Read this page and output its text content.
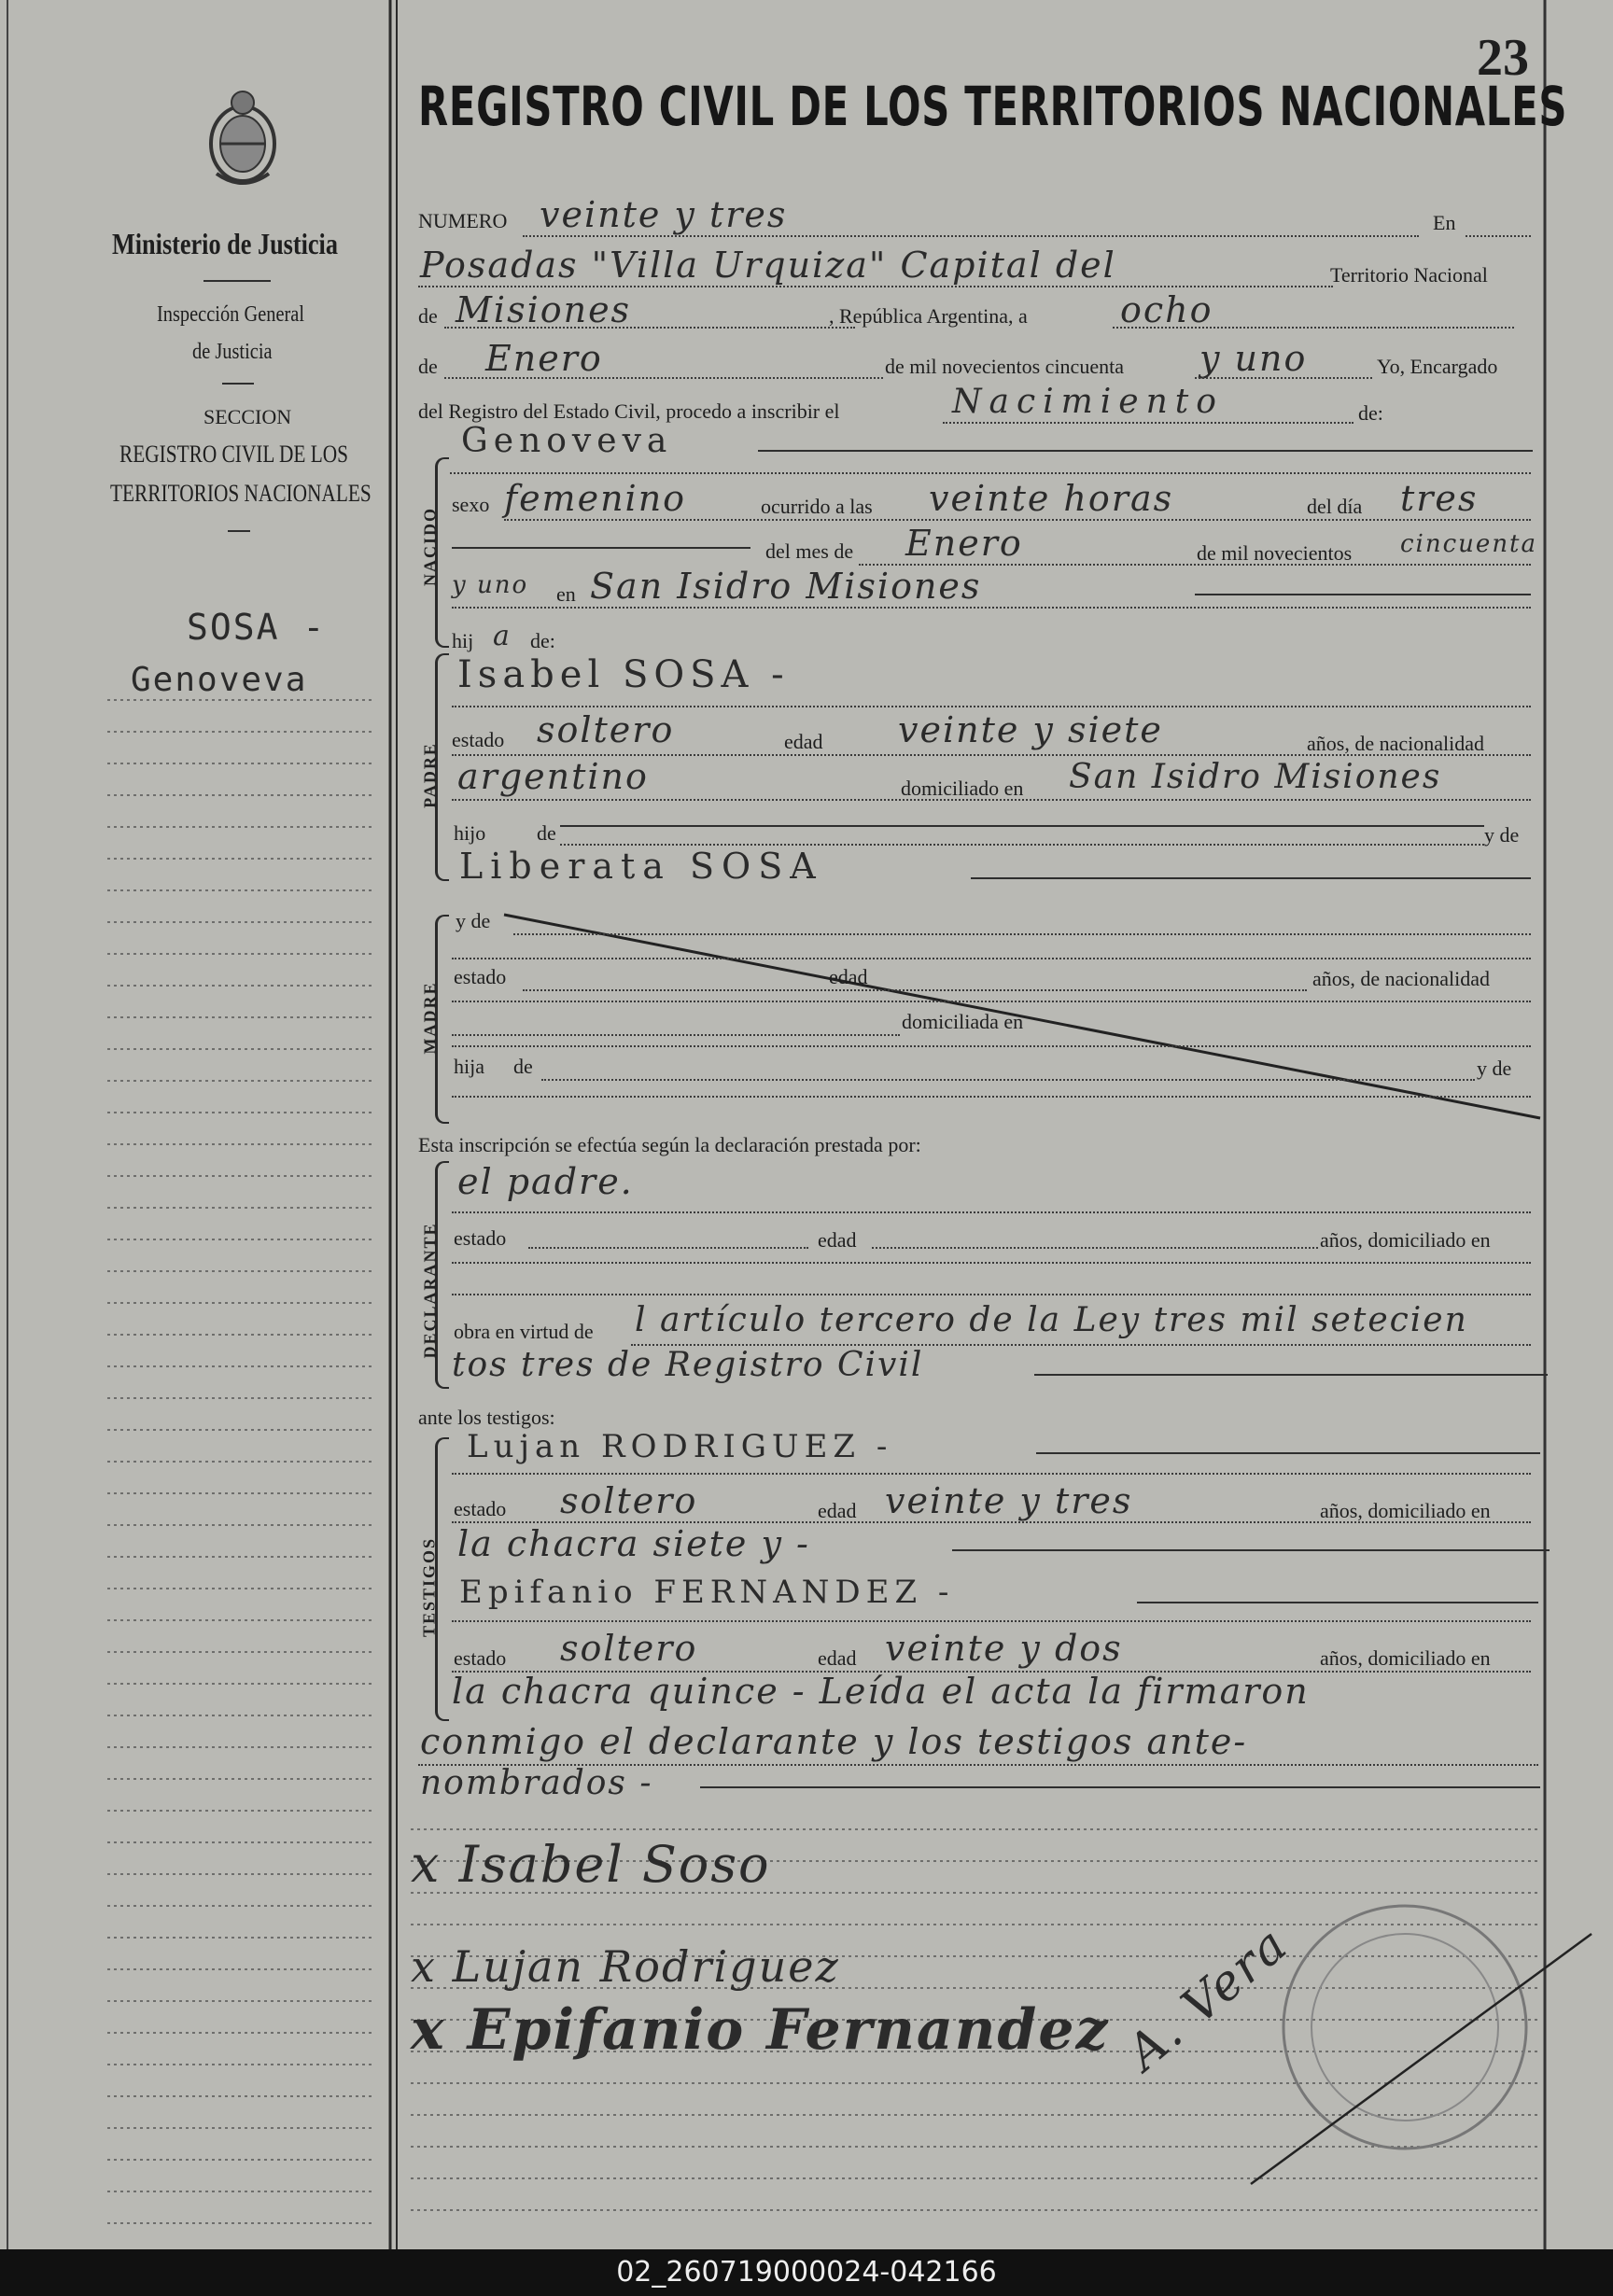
Ministerio de Justicia
Inspección General
de Justicia
SECCION
REGISTRO CIVIL DE LOS
TERRITORIOS NACIONALES
SOSA -
Genoveva
23
REGISTRO CIVIL DE LOS TERRITORIOS NACIONALES
NUMERO veinte y tres	En
Posadas "Villa Urquiza" Capital del	Territorio Nacional
de Misiones	, República Argentina, a	ocho
de Enero	de mil novecientos cincuenta y uno	Yo, Encargado
del Registro del Estado Civil, procedo a inscribir el	Nacimiento	de:
Genoveva
NACIDO
sexo femenino	ocurrido a las veinte horas	del día tres
del mes de Enero	de mil novecientos cincuenta
y uno en San Isidro Misiones
hij a de:
PADRE
Isabel SOSA -
estado soltero	edad veinte y siete	años, de nacionalidad
argentino	domiciliado en San Isidro Misiones
hijo de	y de
Liberata SOSA
MADRE
y de
estado	edad	años, de nacionalidad
domiciliada en
hija de	y de
Esta inscripción se efectúa según la declaración prestada por:
DECLARANTE
el padre.
estado	edad	años, domiciliado en
obra en virtud de l artículo tercero de la Ley tres mil setecien
tos tres de Registro Civil
ante los testigos:
TESTIGOS
Lujan RODRIGUEZ -
estado soltero	edad veinte y tres	años, domiciliado en
la chacra siete y -
Epifanio FERNANDEZ -
estado soltero	edad veinte y dos	años, domiciliado en
la chacra quince - Leída el acta la firmaron
conmigo el declarante y los testigos ante-
nombrados -
x Isabel Soso
x Lujan Rodriguez
x Epifanio Fernandez A. Vera
02_260719000024-042166
